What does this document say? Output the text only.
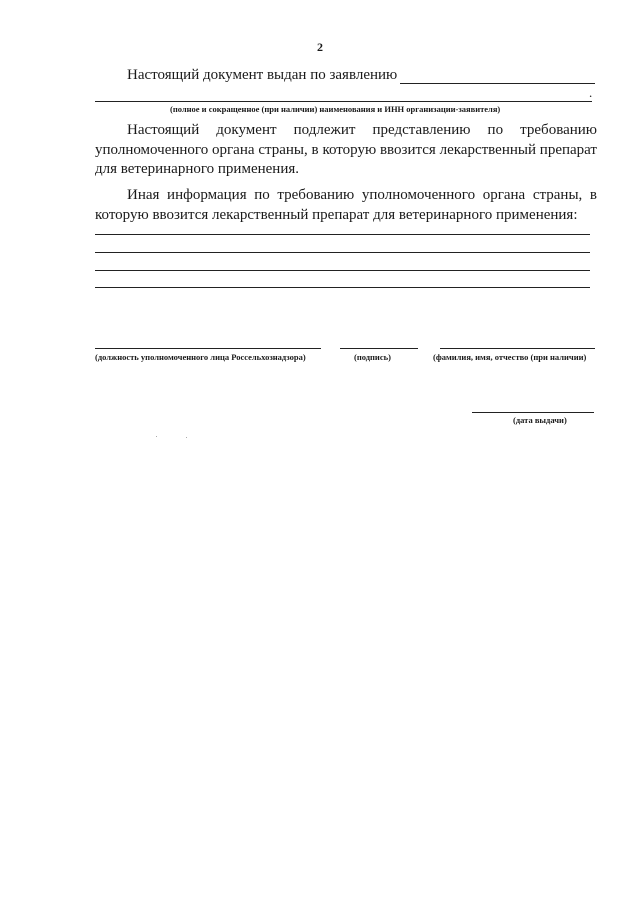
2
Настоящий документ выдан по заявлению
.
(полное и сокращенное (при наличии) наименования и ИНН организации-заявителя)
Настоящий документ подлежит представлению по требованию уполномоченного органа страны, в которую ввозится лекарственный препарат для ветеринарного применения.
Иная информация по требованию уполномоченного органа страны, в которую ввозится лекарственный препарат для ветеринарного применения:
(должность уполномоченного лица Россельхознадзора)	(подпись)	(фамилия, имя, отчество (при наличии)
(дата выдачи)
